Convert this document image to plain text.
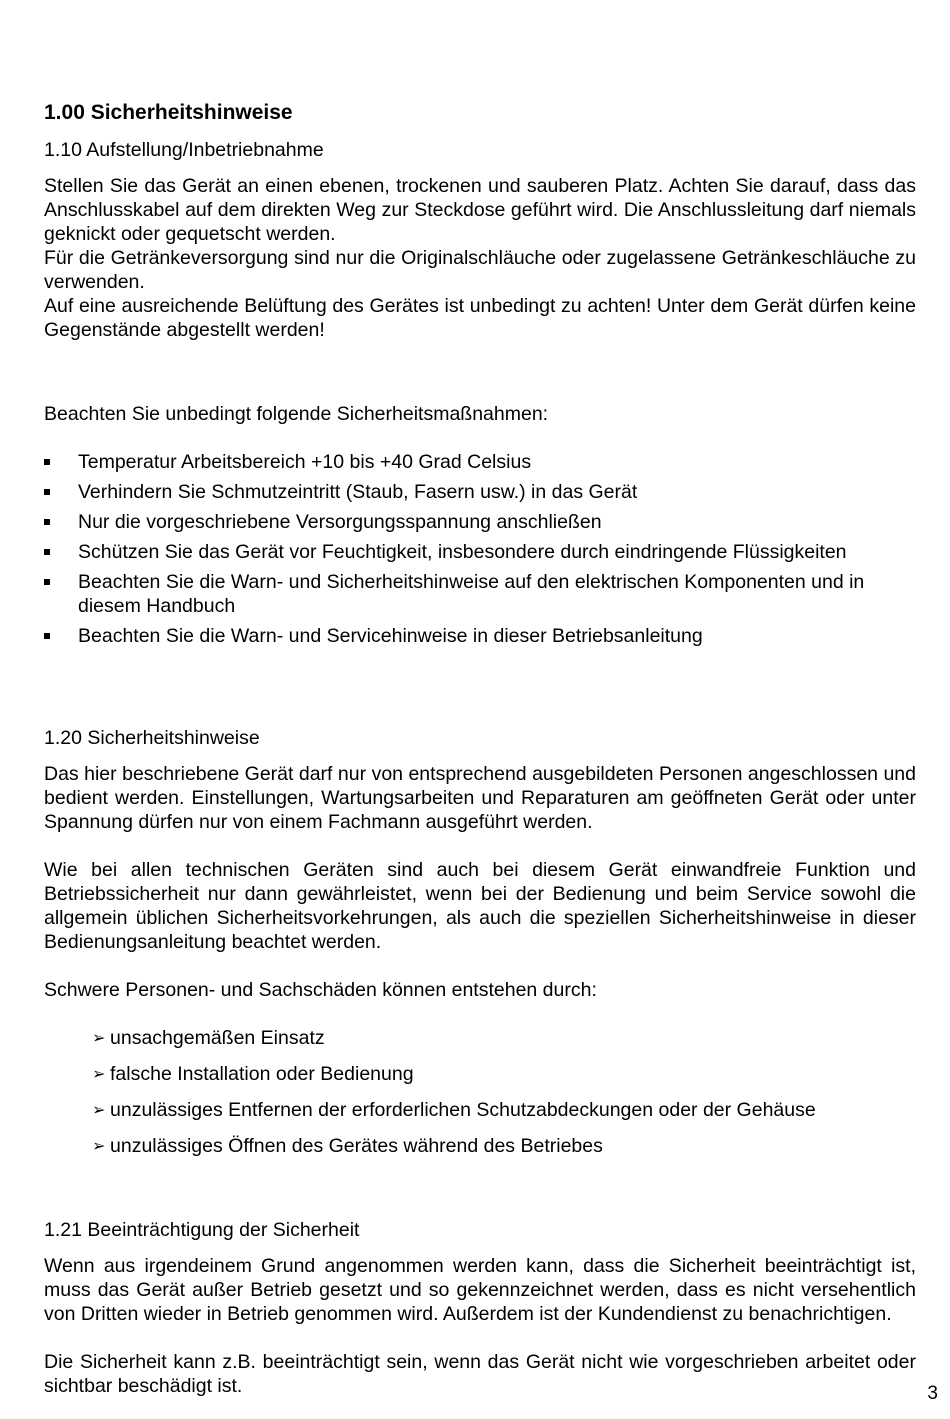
1.00 Sicherheitshinweise
1.10 Aufstellung/Inbetriebnahme

Stellen Sie das Gerät an einen ebenen, trockenen und sauberen Platz. Achten Sie darauf, dass das Anschlusskabel auf dem direkten Weg zur Steckdose geführt wird. Die Anschlussleitung darf niemals geknickt oder gequetscht werden.

Für die Getränkeversorgung sind nur die Originalschläuche oder zugelassene Getränkeschläuche zu verwenden.

Auf eine ausreichende Belüftung des Gerätes ist unbedingt zu achten! Unter dem Gerät dürfen keine Gegenstände abgestellt werden!

Beachten Sie unbedingt folgende Sicherheitsmaßnahmen:

Temperatur Arbeitsbereich +10 bis +40 Grad Celsius
Verhindern Sie Schmutzeintritt (Staub, Fasern usw.) in das Gerät
Nur die vorgeschriebene Versorgungsspannung anschließen
Schützen Sie das Gerät vor Feuchtigkeit, insbesondere durch eindringende Flüssigkeiten
Beachten Sie die Warn- und Sicherheitshinweise auf den elektrischen Komponenten und in diesem Handbuch
Beachten Sie die Warn- und Servicehinweise in dieser Betriebsanleitung
1.20 Sicherheitshinweise

Das hier beschriebene Gerät darf nur von entsprechend ausgebildeten Personen angeschlossen und bedient werden. Einstellungen, Wartungsarbeiten und Reparaturen am geöffneten Gerät oder unter Spannung dürfen nur von einem Fachmann ausgeführt werden.

Wie bei allen technischen Geräten sind auch bei diesem Gerät einwandfreie Funktion und Betriebssicherheit nur dann gewährleistet, wenn bei der Bedienung und beim Service sowohl die allgemein üblichen Sicherheitsvorkehrungen, als auch die speziellen Sicherheitshinweise in dieser Bedienungsanleitung beachtet werden.

Schwere Personen- und Sachschäden können entstehen durch:

➢ unsachgemäßen Einsatz
➢ falsche Installation oder Bedienung
➢ unzulässiges Entfernen der erforderlichen Schutzabdeckungen oder der Gehäuse
➢ unzulässiges Öffnen des Gerätes während des Betriebes
1.21 Beeinträchtigung der Sicherheit

Wenn aus irgendeinem Grund angenommen werden kann, dass die Sicherheit beeinträchtigt ist, muss das Gerät außer Betrieb gesetzt und so gekennzeichnet werden, dass es nicht versehentlich von Dritten wieder in Betrieb genommen wird. Außerdem ist der Kundendienst zu benachrichtigen.

Die Sicherheit kann z.B. beeinträchtigt sein, wenn das Gerät nicht wie vorgeschrieben arbeitet oder sichtbar beschädigt ist.	3
